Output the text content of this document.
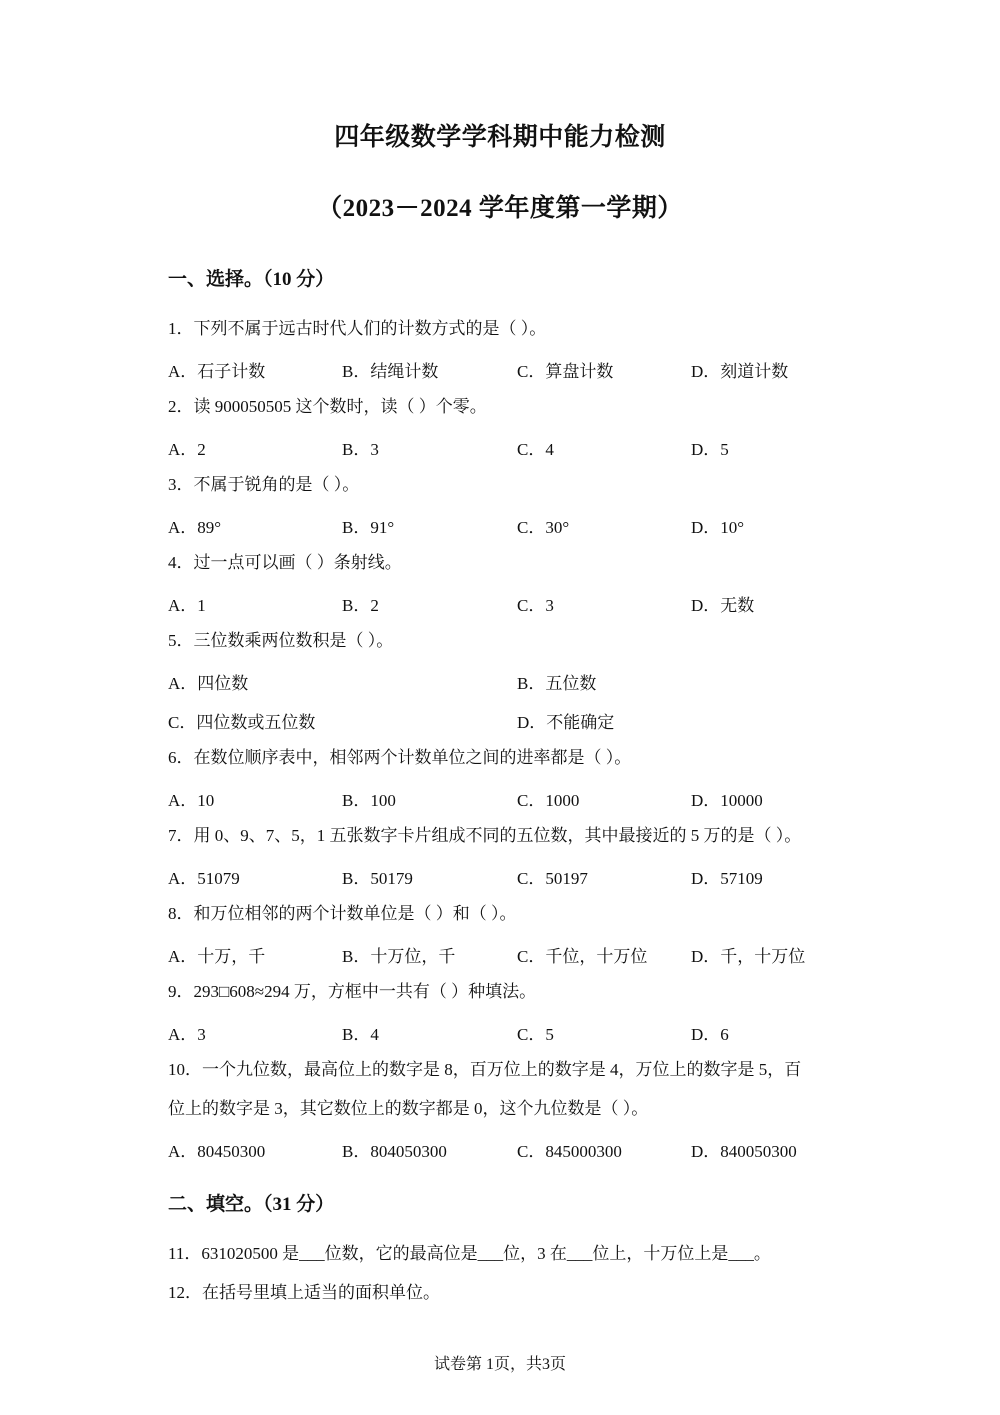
四年级数学学科期中能力检测
（2023－2024 学年度第一学期）
一、选择。（10 分）
1．下列不属于远古时代人们的计数方式的是（ ）。
A．石子计数	B．结绳计数	C．算盘计数	D．刻道计数
2．读 900050505 这个数时，读（ ）个零。
A．2	B．3	C．4	D．5
3．不属于锐角的是（ ）。
A．89°	B．91°	C．30°	D．10°
4．过一点可以画（ ）条射线。
A．1	B．2	C．3	D．无数
5．三位数乘两位数积是（ ）。
A．四位数	B．五位数
C．四位数或五位数	D．不能确定
6．在数位顺序表中，相邻两个计数单位之间的进率都是（ ）。
A．10	B．100	C．1000	D．10000
7．用 0、9、7、5，1 五张数字卡片组成不同的五位数，其中最接近的 5 万的是（ ）。
A．51079	B．50179	C．50197	D．57109
8．和万位相邻的两个计数单位是（ ）和（ ）。
A．十万，千	B．十万位，千	C．千位，十万位	D．千，十万位
9．293□608≈294 万，方框中一共有（ ）种填法。
A．3	B．4	C．5	D．6
10．一个九位数，最高位上的数字是 8，百万位上的数字是 4，万位上的数字是 5，百
位上的数字是 3，其它数位上的数字都是 0，这个九位数是（ ）。
A．80450300	B．804050300	C．845000300	D．840050300
二、填空。（31 分）
11．631020500 是___位数，它的最高位是___位，3 在___位上，十万位上是___。
12．在括号里填上适当的面积单位。
试卷第 1页，共3页
